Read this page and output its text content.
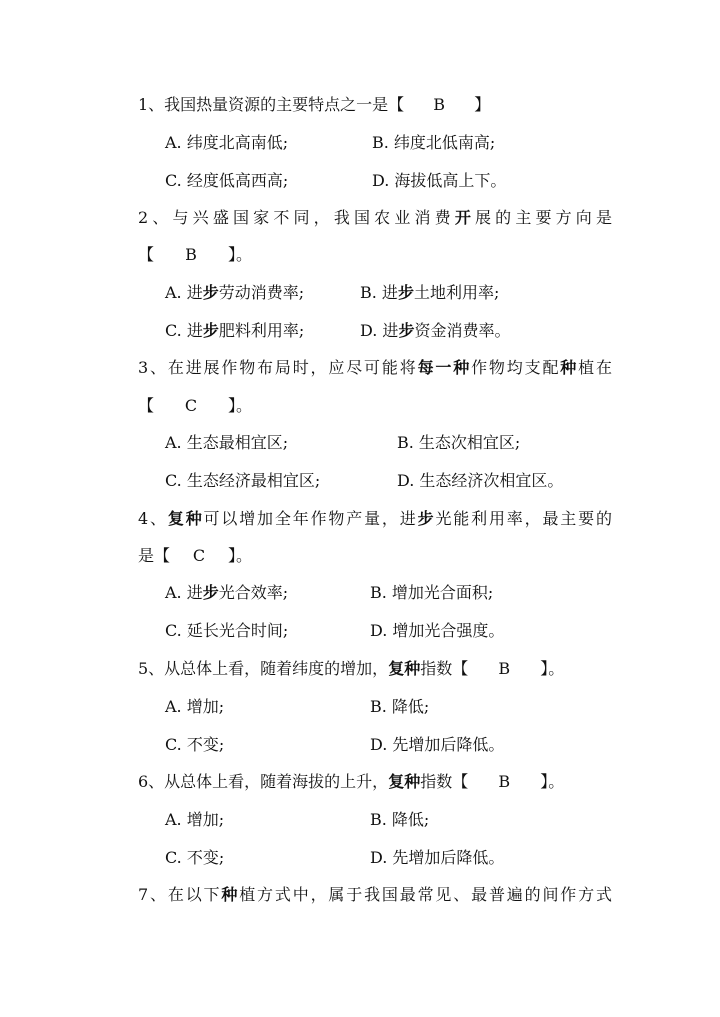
1、我国热量资源的主要特点之一是【 B 】
A. 纬度北高南低;	B. 纬度北低南高;
C. 经度低高西高;	D. 海拔低高上下。
2、与兴盛国家不同，我国农业消费开展的主要方向是
【 B 】。
A. 进步劳动消费率;	B. 进步土地利用率;
C. 进步肥料利用率;	D. 进步资金消费率。
3、在进展作物布局时，应尽可能将每一种作物均支配种植在
【 C 】。
A. 生态最相宜区;	B. 生态次相宜区;
C. 生态经济最相宜区;	D. 生态经济次相宜区。
4、复种可以增加全年作物产量，进步光能利用率，最主要的
是【 C 】。
A. 进步光合效率;	B. 增加光合面积;
C. 延长光合时间;	D. 增加光合强度。
5、从总体上看，随着纬度的增加，复种指数【 B 】。
A. 增加;	B. 降低;
C. 不变;	D. 先增加后降低。
6、从总体上看，随着海拔的上升，复种指数【 B 】。
A. 增加;	B. 降低;
C. 不变;	D. 先增加后降低。
7、在以下种植方式中，属于我国最常见、最普遍的间作方式
